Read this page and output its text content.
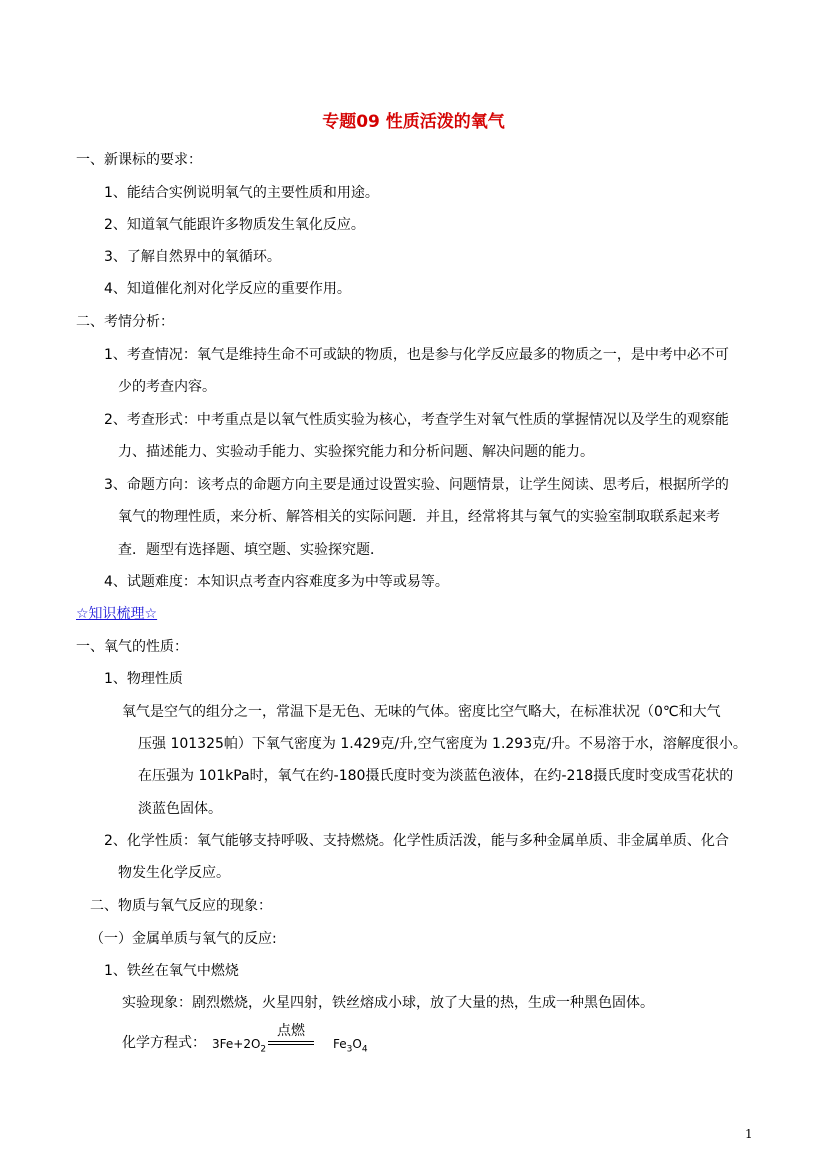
专题09 性质活泼的氧气
一、新课标的要求：
1、能结合实例说明氧气的主要性质和用途。
2、知道氧气能跟许多物质发生氧化反应。
3、了解自然界中的氧循环。
4、知道催化剂对化学反应的重要作用。
二、考情分析：
1、考查情况：氧气是维持生命不可或缺的物质，也是参与化学反应最多的物质之一，是中考中必不可
少的考查内容。
2、考查形式：中考重点是以氧气性质实验为核心，考查学生对氧气性质的掌握情况以及学生的观察能
力、描述能力、实验动手能力、实验探究能力和分析问题、解决问题的能力。
3、命题方向：该考点的命题方向主要是通过设置实验、问题情景，让学生阅读、思考后，根据所学的
氧气的物理性质，来分析、解答相关的实际问题．并且，经常将其与氧气的实验室制取联系起来考
查．题型有选择题、填空题、实验探究题．
4、试题难度：本知识点考查内容难度多为中等或易等。
☆知识梳理☆
一、氧气的性质：
1、物理性质
氧气是空气的组分之一，常温下是无色、无味的气体。密度比空气略大，在标准状况（0℃和大气
压强 101325帕）下氧气密度为 1.429克/升,空气密度为 1.293克/升。不易溶于水，溶解度很小。
在压强为 101kPa时，氧气在约-180摄氏度时变为淡蓝色液体，在约-218摄氏度时变成雪花状的
淡蓝色固体。
2、化学性质：氧气能够支持呼吸、支持燃烧。化学性质活泼，能与多种金属单质、非金属单质、化合
物发生化学反应。
二、物质与氧气反应的现象：
（一）金属单质与氧气的反应:
1、铁丝在氧气中燃烧
实验现象：剧烈燃烧，火星四射，铁丝熔成小球，放了大量的热，生成一种黑色固体。
化学方程式： $3Fe+2O_2$
点燃
$Fe_3O_4$
1
